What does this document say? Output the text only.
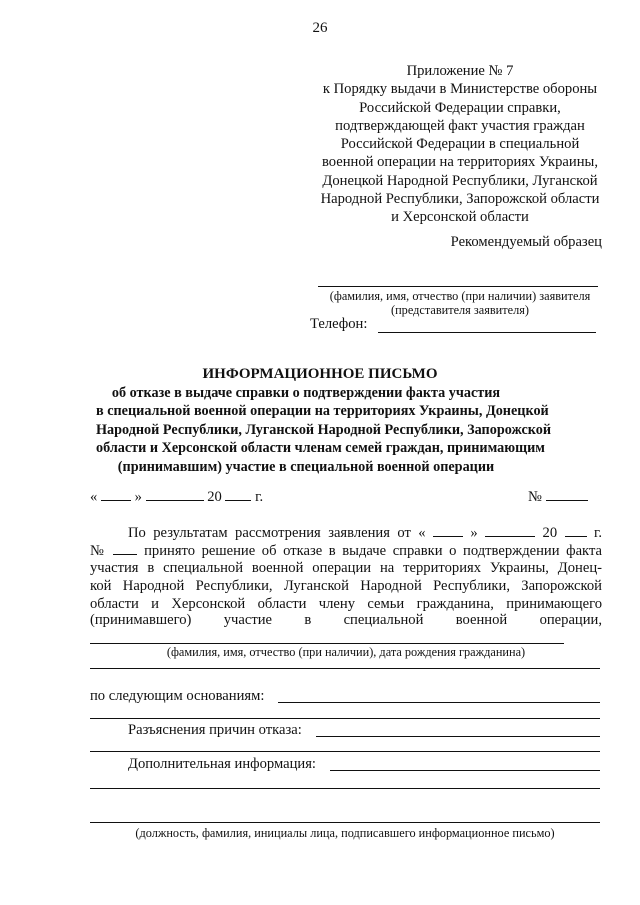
26
Приложение № 7
к Порядку выдачи в Министерстве обороны
Российской Федерации справки,
подтверждающей факт участия граждан
Российской Федерации в специальной
военной операции на территориях Украины,
Донецкой Народной Республики, Луганской
Народной Республики, Запорожской области
и Херсонской области
Рекомендуемый образец
(фамилия, имя, отчество (при наличии) заявителя
(представителя заявителя)
Телефон:
ИНФОРМАЦИОННОЕ ПИСЬМО
об отказе в выдаче справки о подтверждении факта участия
в специальной военной операции на территориях Украины, Донецкой
Народной Республики, Луганской Народной Республики, Запорожской
области и Херсонской области членам семей граждан, принимающим
(принимавшим) участие в специальной военной операции
«	»	20 г.	№
По результатам рассмотрения заявления от «	»	20	г.
№	принято решение об отказе в выдаче справки о подтверждении факта
участия в специальной военной операции на территориях Украины, Донец-
кой Народной Республики, Луганской Народной Республики, Запорожской
области и Херсонской области члену семьи гражданина, принимающего
(принимавшего) участие в специальной военной операции,
(фамилия, имя, отчество (при наличии), дата рождения гражданина)
по следующим основаниям:
Разъяснения причин отказа:
Дополнительная информация:
(должность, фамилия, инициалы лица, подписавшего информационное письмо)
